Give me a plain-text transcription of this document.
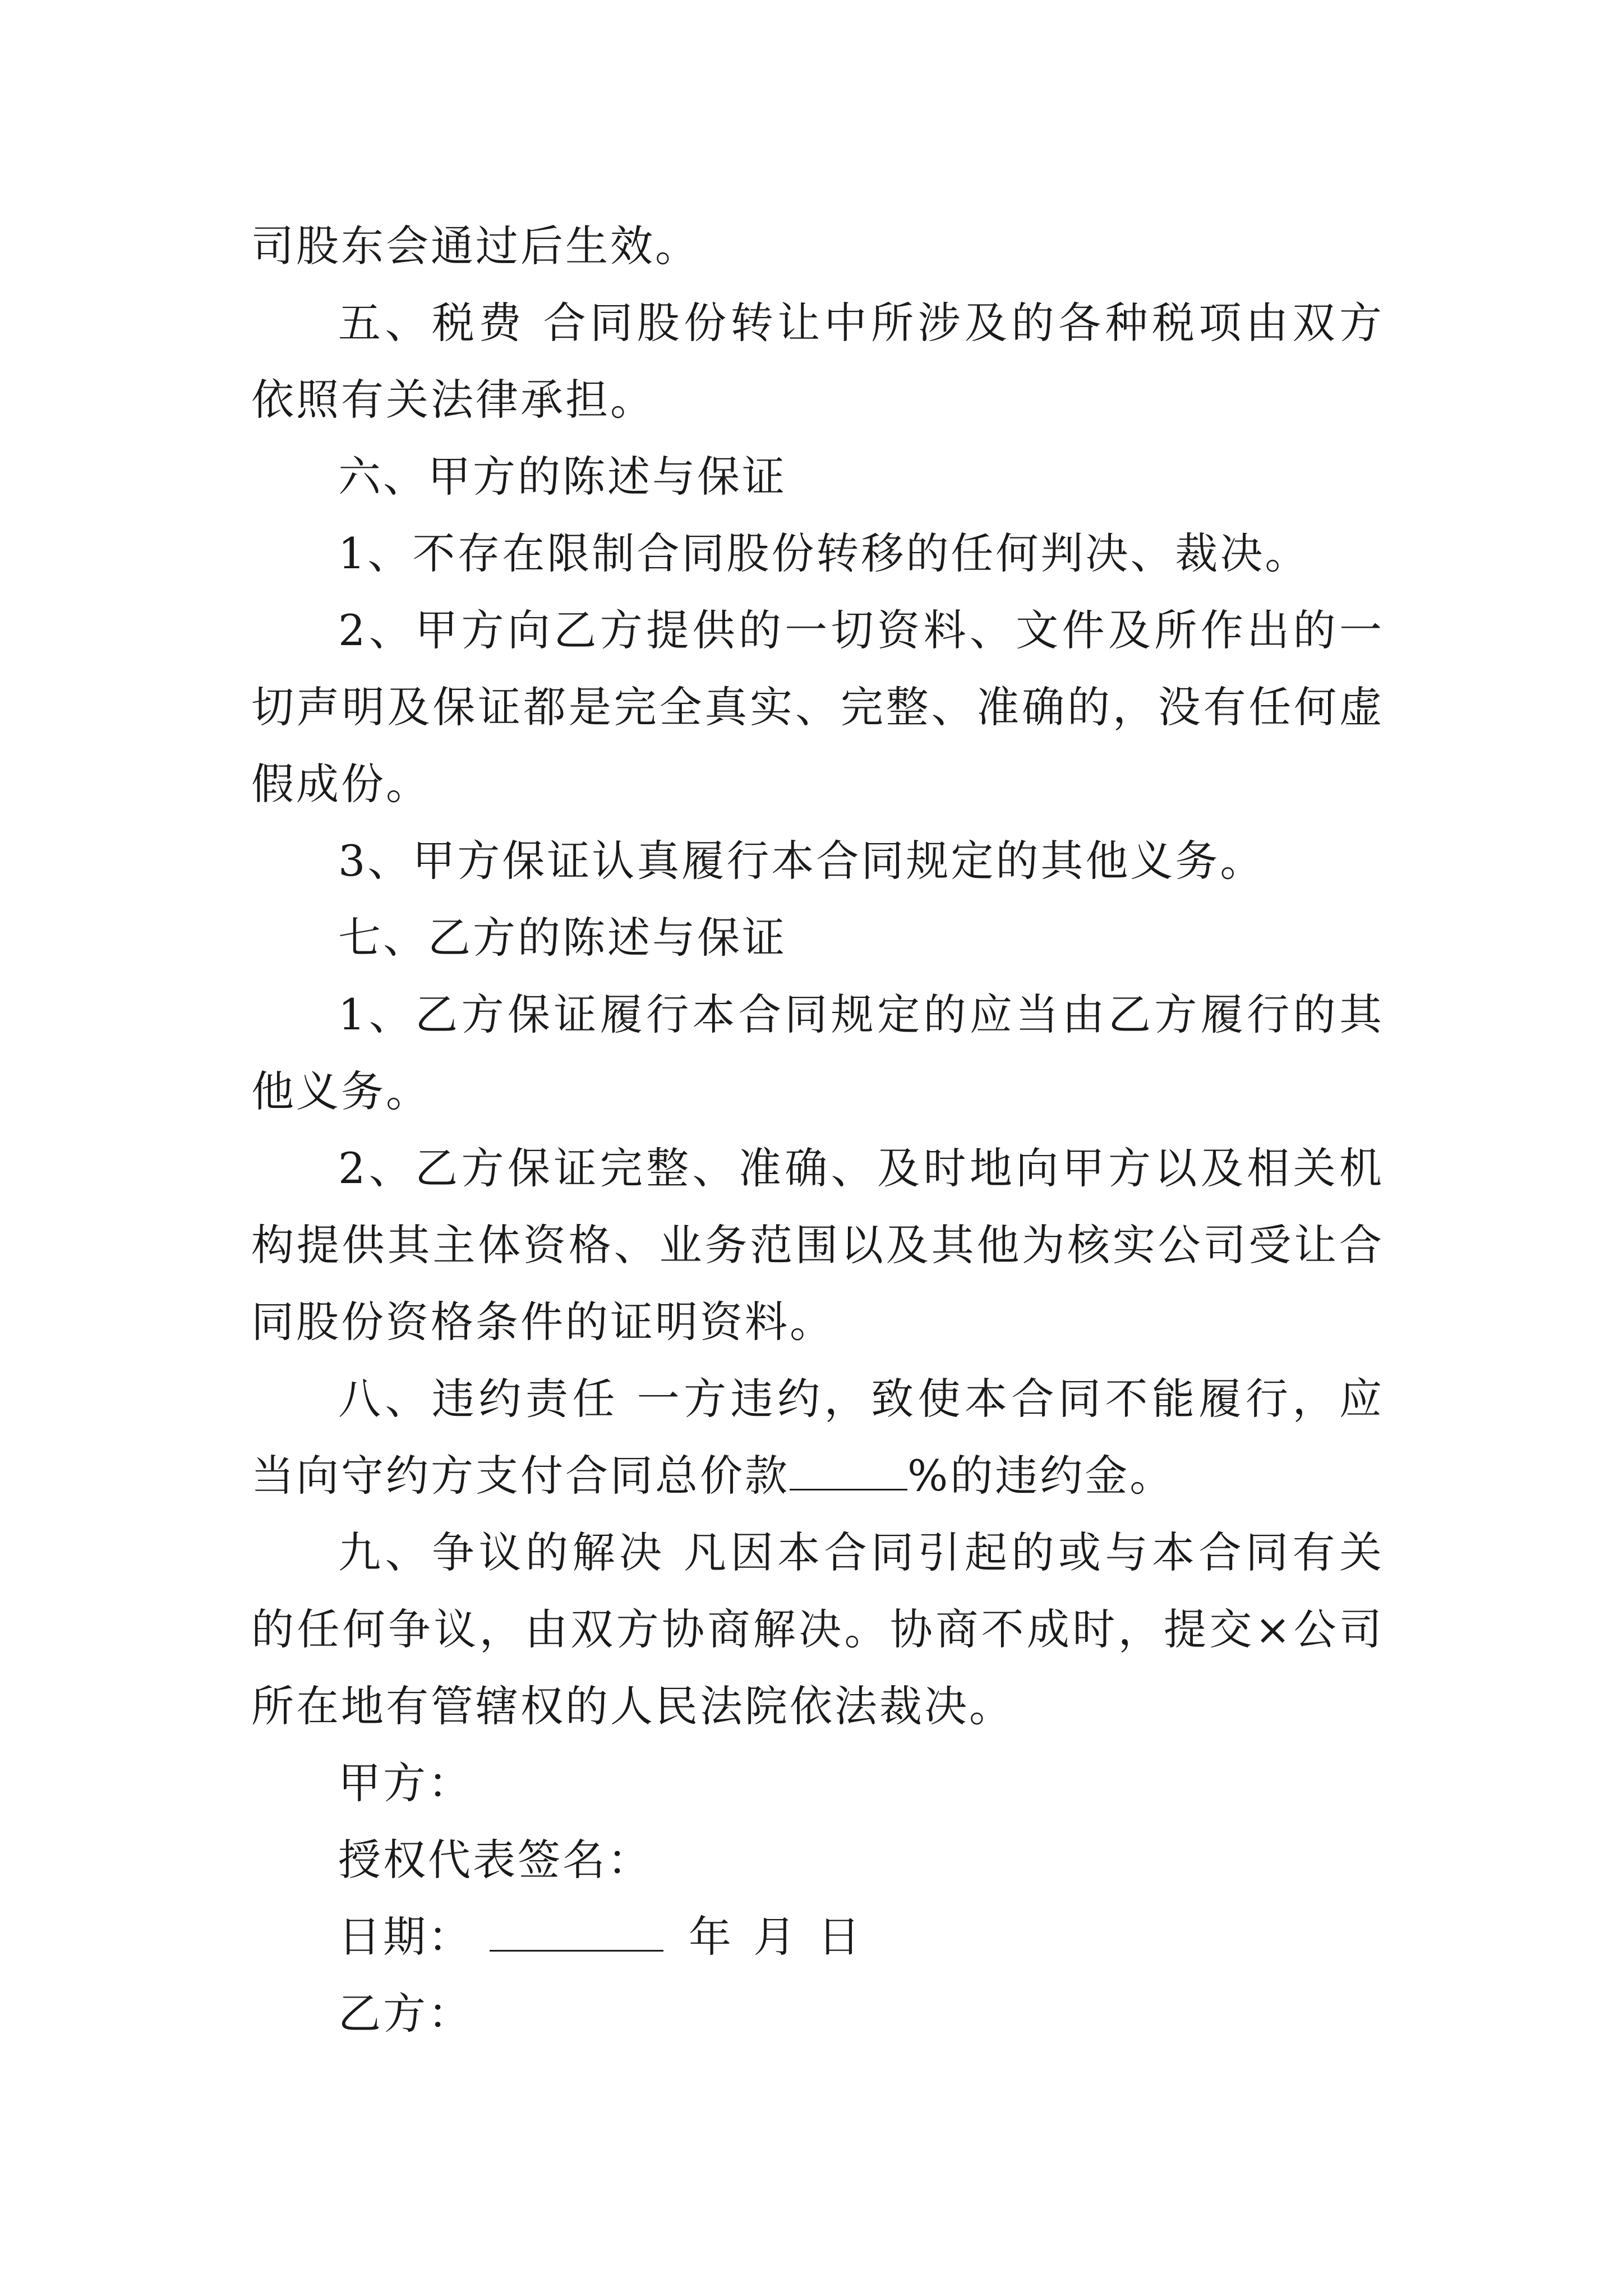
司股东会通过后生效。

五、税费 合同股份转让中所涉及的各种税项由双方依照有关法律承担。

六、甲方的陈述与保证

1、不存在限制合同股份转移的任何判决、裁决。

2、甲方向乙方提供的一切资料、文件及所作出的一切声明及保证都是完全真实、完整、准确的，没有任何虚假成份。

3、甲方保证认真履行本合同规定的其他义务。

七、乙方的陈述与保证

1、乙方保证履行本合同规定的应当由乙方履行的其他义务。

2、乙方保证完整、准确、及时地向甲方以及相关机构提供其主体资格、业务范围以及其他为核实公司受让合同股份资格条件的证明资料。

八、违约责任 一方违约，致使本合同不能履行，应当向守约方支付合同总价款	%的违约金。

九、争议的解决 凡因本合同引起的或与本合同有关的任何争议，由双方协商解决。协商不成时，提交×公司所在地有管辖权的人民法院依法裁决。

甲方：
授权代表签名：
日期：	年 月 日
乙方：
